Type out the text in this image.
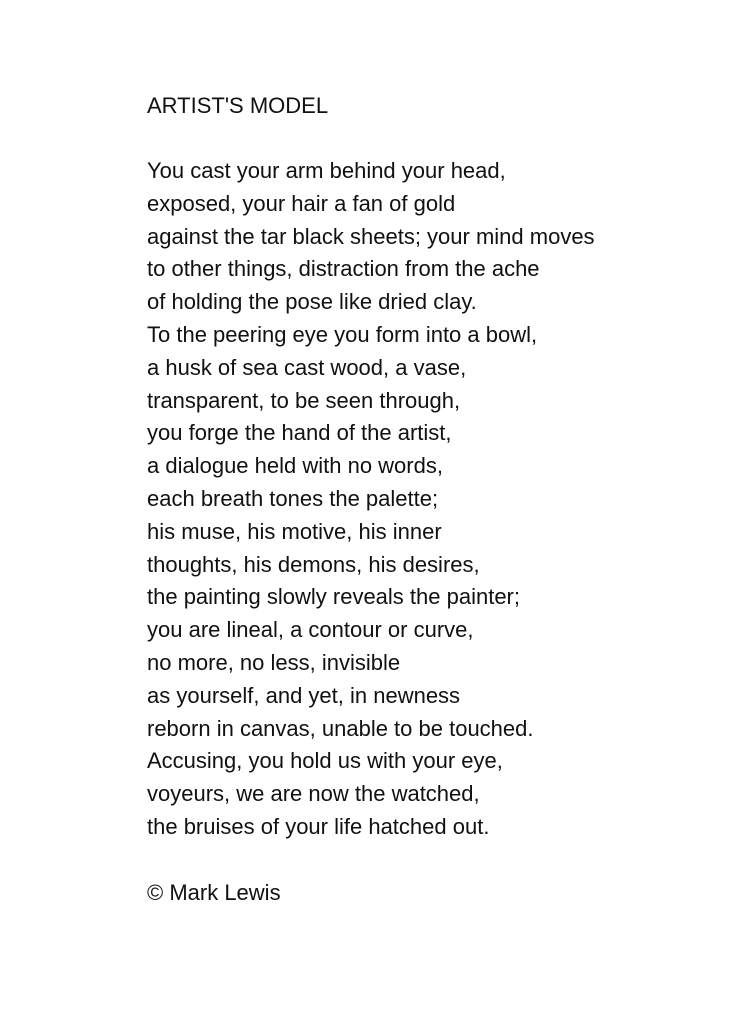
ARTIST'S MODEL
You cast your arm behind your head,
exposed, your hair a fan of gold
against the tar black sheets; your mind moves
to other things, distraction from the ache
of holding the pose like dried clay.
To the peering eye you form into a bowl,
a husk of sea cast wood, a vase,
transparent, to be seen through,
you forge the hand of the artist,
a dialogue held with no words,
each breath tones the palette;
his muse, his motive, his inner
thoughts, his demons, his desires,
the painting slowly reveals the painter;
you are lineal, a contour or curve,
no more, no less, invisible
as yourself, and yet, in newness
reborn in canvas, unable to be touched.
Accusing, you hold us with your eye,
voyeurs, we are now the watched,
the bruises of your life hatched out.
© Mark Lewis
